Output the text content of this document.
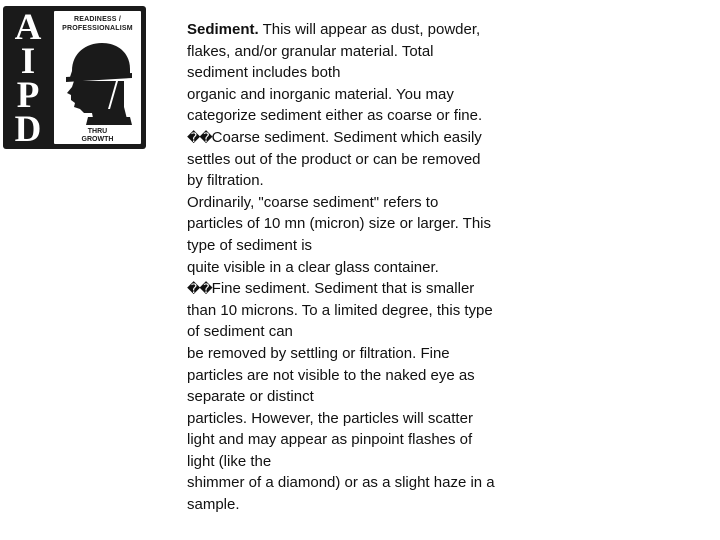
A
I
P
D
READINESS /
PROFESSIONALISM
THRU
GROWTH
Sediment. This will appear as dust, powder,
flakes, and/or granular material. Total
sediment includes both
organic and inorganic material. You may
categorize sediment either as coarse or fine.
��Coarse sediment. Sediment which easily
settles out of the product or can be removed
by filtration.
Ordinarily, "coarse sediment" refers to
particles of 10 mn (micron) size or larger. This
type of sediment is
quite visible in a clear glass container.
��Fine sediment. Sediment that is smaller
than 10 microns. To a limited degree, this type
of sediment can
be removed by settling or filtration. Fine
particles are not visible to the naked eye as
separate or distinct
particles. However, the particles will scatter
light and may appear as pinpoint flashes of
light (like the
shimmer of a diamond) or as a slight haze in a
sample.
